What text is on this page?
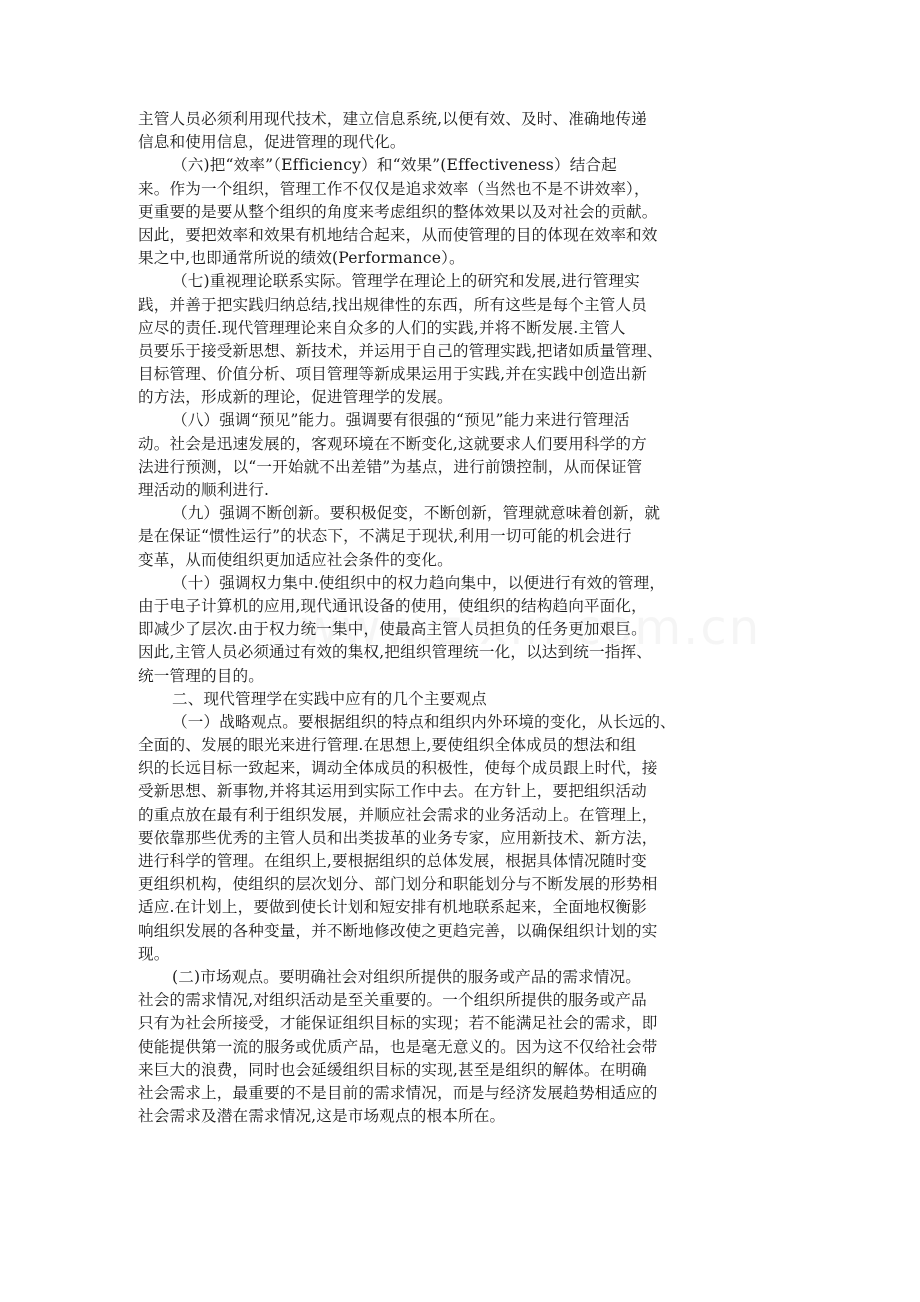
主管人员必须利用现代技术，建立信息系统,以便有效、及时、准确地传递
信息和使用信息，促进管理的现代化。
（六)把“效率”（Efficiency）和“效果”(Effectiveness）结合起
来。作为一个组织，管理工作不仅仅是追求效率（当然也不是不讲效率），
更重要的是要从整个组织的角度来考虑组织的整体效果以及对社会的贡献。
因此，要把效率和效果有机地结合起来，从而使管理的目的体现在效率和效
果之中,也即通常所说的绩效(Performance）。
（七)重视理论联系实际。管理学在理论上的研究和发展,进行管理实
践，并善于把实践归纳总结,找出规律性的东西，所有这些是每个主管人员
应尽的责任.现代管理理论来自众多的人们的实践,并将不断发展.主管人
员要乐于接受新思想、新技术，并运用于自己的管理实践,把诸如质量管理、
目标管理、价值分析、项目管理等新成果运用于实践,并在实践中创造出新
的方法，形成新的理论，促进管理学的发展。
（八）强调“预见”能力。强调要有很强的“预见”能力来进行管理活
动。社会是迅速发展的，客观环境在不断变化,这就要求人们要用科学的方
法进行预测，以“一开始就不出差错”为基点，进行前馈控制，从而保证管
理活动的顺利进行.
（九）强调不断创新。要积极促变，不断创新，管理就意味着创新，就
是在保证“惯性运行”的状态下，不满足于现状,利用一切可能的机会进行
变革，从而使组织更加适应社会条件的变化。
（十）强调权力集中.使组织中的权力趋向集中，以便进行有效的管理，
由于电子计算机的应用,现代通讯设备的使用，使组织的结构趋向平面化，
即减少了层次.由于权力统一集中，使最高主管人员担负的任务更加艰巨。
因此,主管人员必须通过有效的集权,把组织管理统一化，以达到统一指挥、
统一管理的目的。
二、现代管理学在实践中应有的几个主要观点
（一）战略观点。要根据组织的特点和组织内外环境的变化，从长远的、
全面的、发展的眼光来进行管理.在思想上,要使组织全体成员的想法和组
织的长远目标一致起来，调动全体成员的积极性，使每个成员跟上时代，接
受新思想、新事物,并将其运用到实际工作中去。在方针上，要把组织活动
的重点放在最有利于组织发展，并顺应社会需求的业务活动上。在管理上，
要依靠那些优秀的主管人员和出类拔革的业务专家，应用新技术、新方法，
进行科学的管理。在组织上,要根据组织的总体发展，根据具体情况随时变
更组织机构，使组织的层次划分、部门划分和职能划分与不断发展的形势相
适应.在计划上，要做到使长计划和短安排有机地联系起来，全面地权衡影
响组织发展的各种变量，并不断地修改使之更趋完善，以确保组织计划的实
现。
(二)市场观点。要明确社会对组织所提供的服务或产品的需求情况。
社会的需求情况,对组织活动是至关重要的。一个组织所提供的服务或产品
只有为社会所接受，才能保证组织目标的实现；若不能满足社会的需求，即
使能提供第一流的服务或优质产品，也是毫无意义的。因为这不仅给社会带
来巨大的浪费，同时也会延缓组织目标的实现,甚至是组织的解体。在明确
社会需求上，最重要的不是目前的需求情况，而是与经济发展趋势相适应的
社会需求及潜在需求情况,这是市场观点的根本所在。
